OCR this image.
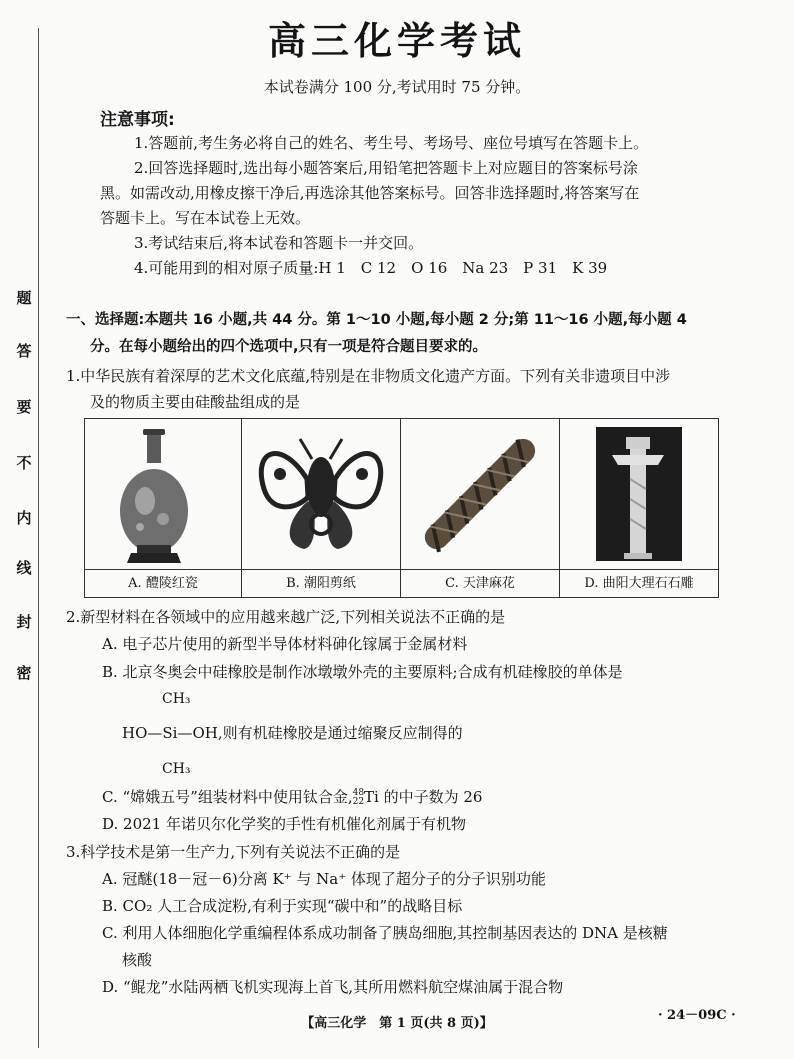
密
封
线
内
不
要
答
题
高三化学考试
本试卷满分 100 分,考试用时 75 分钟。
注意事项:
1.答题前,考生务必将自己的姓名、考生号、考场号、座位号填写在答题卡上。
2.回答选择题时,选出每小题答案后,用铅笔把答题卡上对应题目的答案标号涂
黑。如需改动,用橡皮擦干净后,再选涂其他答案标号。回答非选择题时,将答案写在
答题卡上。写在本试卷上无效。
3.考试结束后,将本试卷和答题卡一并交回。
4.可能用到的相对原子质量:H 1　C 12　O 16　Na 23　P 31　K 39
一、选择题:本题共 16 小题,共 44 分。第 1～10 小题,每小题 2 分;第 11～16 小题,每小题 4
分。在每小题给出的四个选项中,只有一项是符合题目要求的。
1.中华民族有着深厚的艺术文化底蕴,特别是在非物质文化遗产方面。下列有关非遗项目中涉
及的物质主要由硅酸盐组成的是
A. 醴陵红瓷	B. 潮阳剪纸	C. 天津麻花	D. 曲阳大理石石雕
2.新型材料在各领域中的应用越来越广泛,下列相关说法不正确的是
A. 电子芯片使用的新型半导体材料砷化镓属于金属材料
B. 北京冬奥会中硅橡胶是制作冰墩墩外壳的主要原料;合成有机硅橡胶的单体是
CH₃
HO—Si—OH,则有机硅橡胶是通过缩聚反应制得的
CH₃
C. “嫦娥五号”组装材料中使用钛合金,48
22Ti 的中子数为 26
D. 2021 年诺贝尔化学奖的手性有机催化剂属于有机物
3.科学技术是第一生产力,下列有关说法不正确的是
A. 冠醚(18－冠－6)分离 K⁺ 与 Na⁺ 体现了超分子的分子识别功能
B. CO₂ 人工合成淀粉,有利于实现“碳中和”的战略目标
C. 利用人体细胞化学重编程体系成功制备了胰岛细胞,其控制基因表达的 DNA 是核糖
核酸
D. “鲲龙”水陆两栖飞机实现海上首飞,其所用燃料航空煤油属于混合物
【高三化学　第 1 页(共 8 页)】
· 24－09C ·
